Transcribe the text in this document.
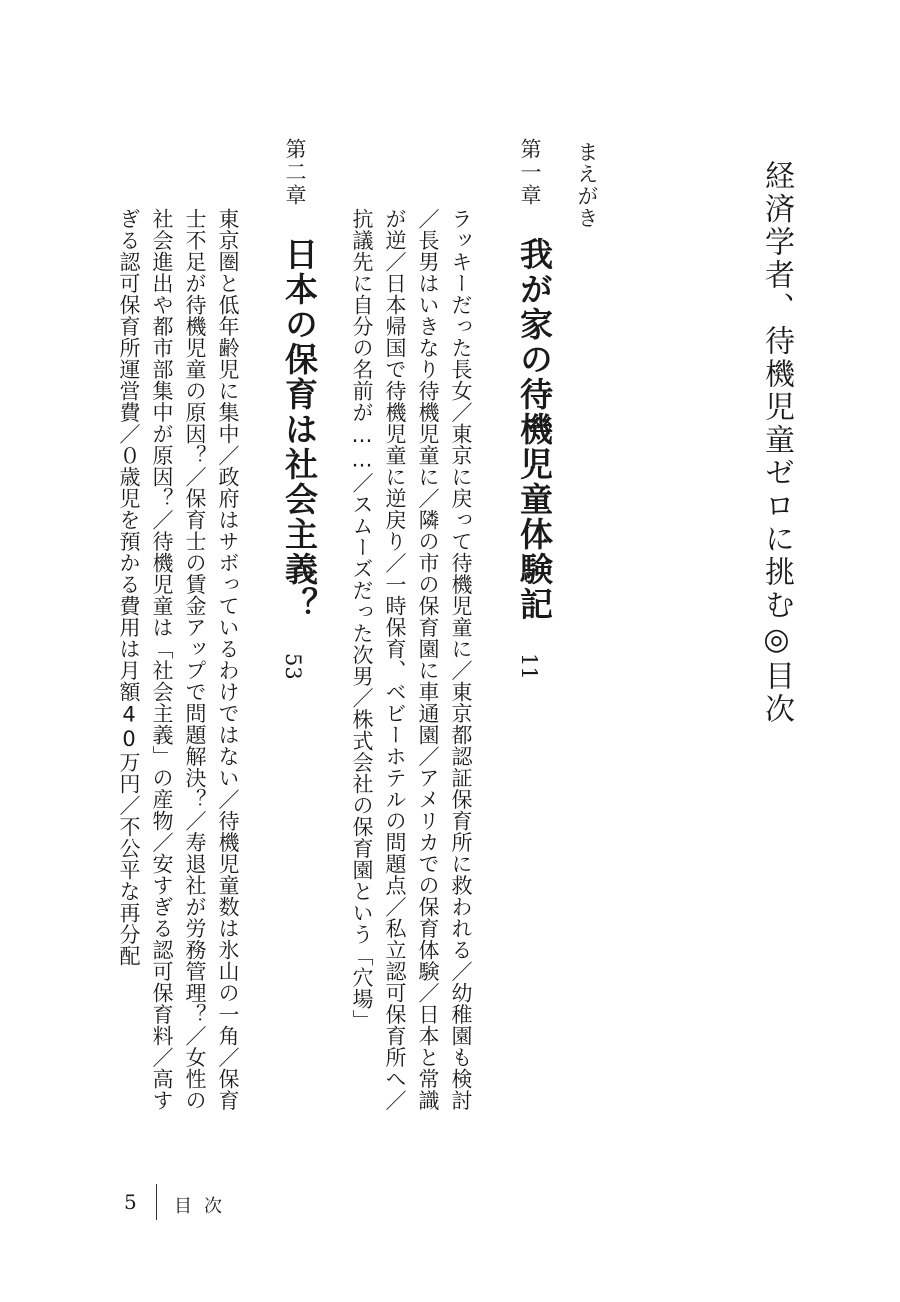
経済学者、待機児童ゼロに挑む◎目次
まえがき
第一章
我が家の待機児童体験記
11
ラッキーだった長女／東京に戻って待機児童に／東京都認証保育所に救われる／幼稚園も検討
／長男はいきなり待機児童に／隣の市の保育園に車通園／アメリカでの保育体験／日本と常識
が逆／日本帰国で待機児童に逆戻り／一時保育、ベビーホテルの問題点／私立認可保育所へ／
抗議先に自分の名前が……／スムーズだった次男／株式会社の保育園という「穴場」
第二章
日本の保育は社会主義？
53
東京圏と低年齢児に集中／政府はサボっているわけではない／待機児童数は氷山の一角／保育
士不足が待機児童の原因？／保育士の賃金アップで問題解決？／寿退社が労務管理？／女性の
社会進出や都市部集中が原因？／待機児童は「社会主義」の産物／安すぎる認可保育料／高す
ぎる認可保育所運営費／０歳児を預かる費用は月額40万円／不公平な再分配
5 目次
